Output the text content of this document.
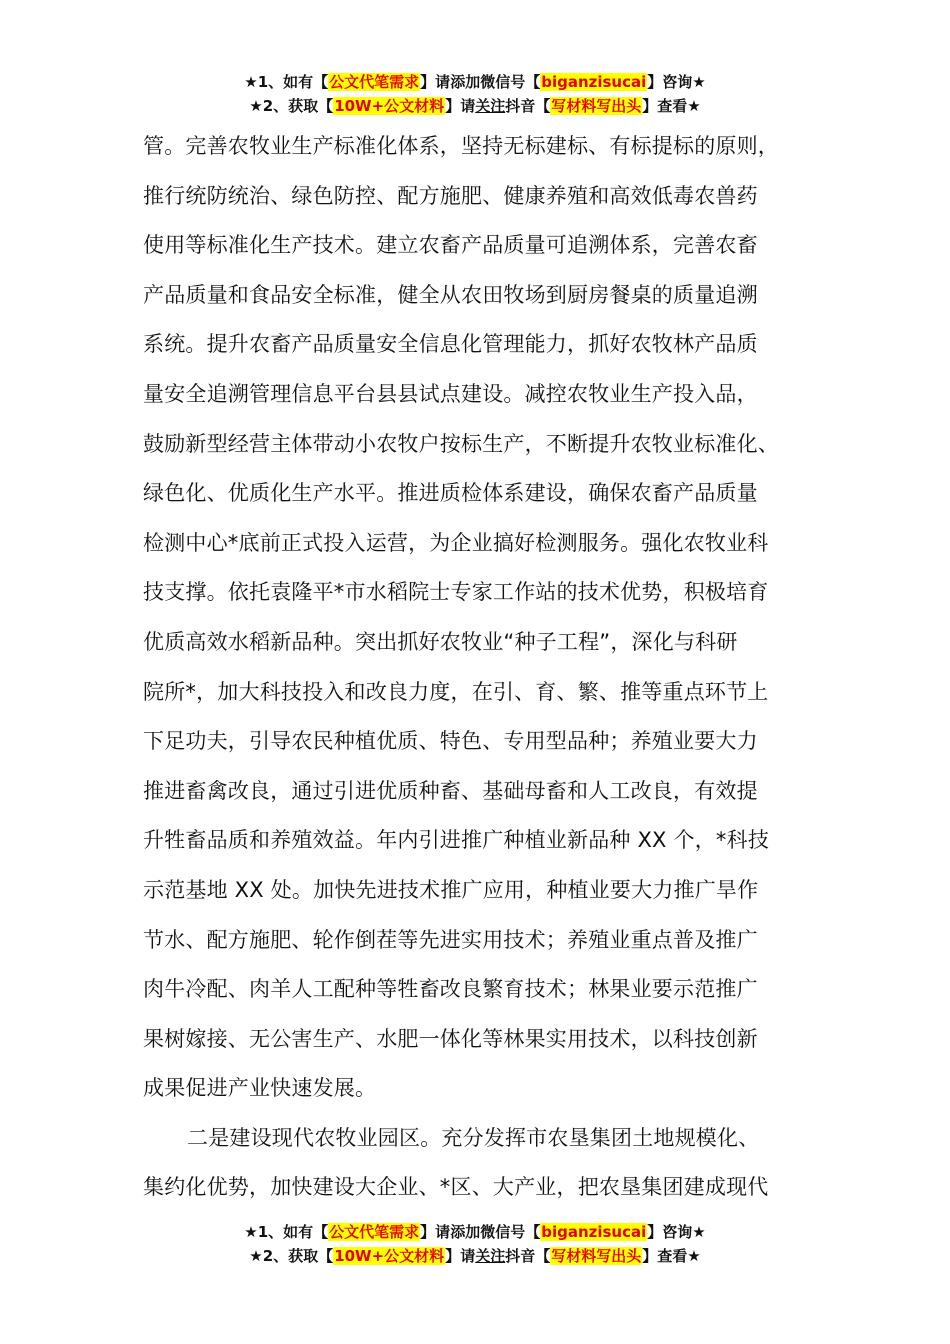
★1、如有【公文代笔需求】请添加微信号【biganzisucai】咨询★
★2、获取【10W+公文材料】请关注抖音【写材料写出头】查看★
管。完善农牧业生产标准化体系，坚持无标建标、有标提标的原则，
推行统防统治、绿色防控、配方施肥、健康养殖和高效低毒农兽药
使用等标准化生产技术。建立农畜产品质量可追溯体系，完善农畜
产品质量和食品安全标准，健全从农田牧场到厨房餐桌的质量追溯
系统。提升农畜产品质量安全信息化管理能力，抓好农牧林产品质
量安全追溯管理信息平台县县试点建设。减控农牧业生产投入品，
鼓励新型经营主体带动小农牧户按标生产，不断提升农牧业标准化、
绿色化、优质化生产水平。推进质检体系建设，确保农畜产品质量
检测中心*底前正式投入运营，为企业搞好检测服务。强化农牧业科
技支撑。依托袁隆平*市水稻院士专家工作站的技术优势，积极培育
优质高效水稻新品种。突出抓好农牧业“种子工程”，深化与科研
院所*，加大科技投入和改良力度，在引、育、繁、推等重点环节上
下足功夫，引导农民种植优质、特色、专用型品种；养殖业要大力
推进畜禽改良，通过引进优质种畜、基础母畜和人工改良，有效提
升牲畜品质和养殖效益。年内引进推广种植业新品种 XX 个，*科技
示范基地 XX 处。加快先进技术推广应用，种植业要大力推广旱作
节水、配方施肥、轮作倒茬等先进实用技术；养殖业重点普及推广
肉牛冷配、肉羊人工配种等牲畜改良繁育技术；林果业要示范推广
果树嫁接、无公害生产、水肥一体化等林果实用技术，以科技创新
成果促进产业快速发展。
二是建设现代农牧业园区。充分发挥市农垦集团土地规模化、
集约化优势，加快建设大企业、*区、大产业，把农垦集团建成现代
★1、如有【公文代笔需求】请添加微信号【biganzisucai】咨询★
★2、获取【10W+公文材料】请关注抖音【写材料写出头】查看★
